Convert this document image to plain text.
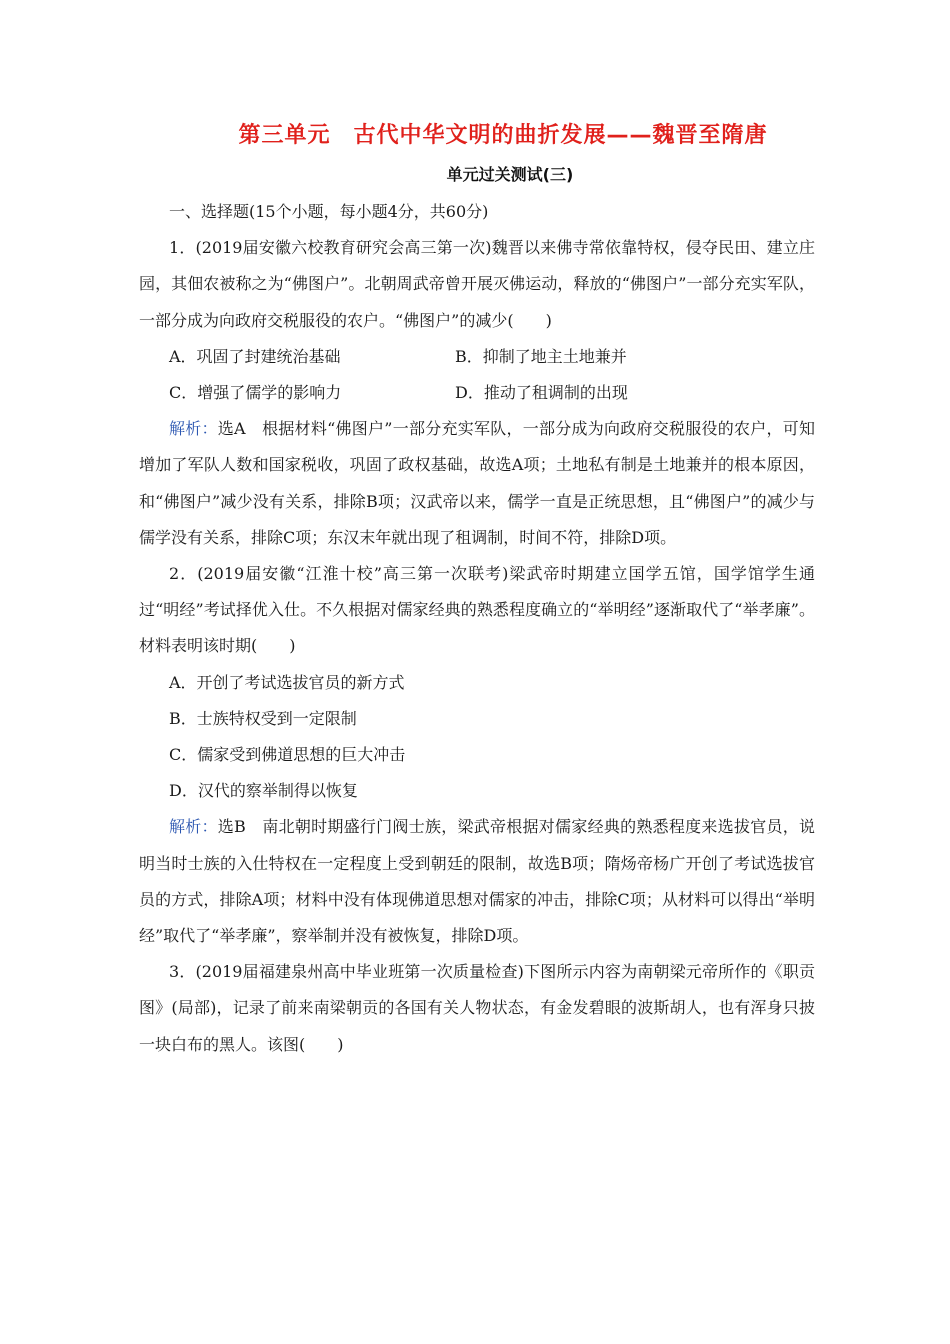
第三单元　古代中华文明的曲折发展——魏晋至隋唐
单元过关测试(三)

一、选择题(15个小题，每小题4分，共60分)

1．(2019届安徽六校教育研究会高三第一次)魏晋以来佛寺常依靠特权，侵夺民田、建立庄园，其佃农被称之为“佛图户”。北朝周武帝曾开展灭佛运动，释放的“佛图户”一部分充实军队，一部分成为向政府交税服役的农户。“佛图户”的减少(　　)

A．巩固了封建统治基础	B．抑制了地主土地兼并
C．增强了儒学的影响力	D．推动了租调制的出现

解析：选A　根据材料“佛图户”一部分充实军队，一部分成为向政府交税服役的农户，可知增加了军队人数和国家税收，巩固了政权基础，故选A项；土地私有制是土地兼并的根本原因，和“佛图户”减少没有关系，排除B项；汉武帝以来，儒学一直是正统思想，且“佛图户”的减少与儒学没有关系，排除C项；东汉末年就出现了租调制，时间不符，排除D项。

2．(2019届安徽“江淮十校”高三第一次联考)梁武帝时期建立国学五馆，国学馆学生通过“明经”考试择优入仕。不久根据对儒家经典的熟悉程度确立的“举明经”逐渐取代了“举孝廉”。材料表明该时期(　　)

A．开创了考试选拔官员的新方式

B．士族特权受到一定限制

C．儒家受到佛道思想的巨大冲击

D．汉代的察举制得以恢复

解析：选B　南北朝时期盛行门阀士族，梁武帝根据对儒家经典的熟悉程度来选拔官员，说明当时士族的入仕特权在一定程度上受到朝廷的限制，故选B项；隋炀帝杨广开创了考试选拔官员的方式，排除A项；材料中没有体现佛道思想对儒家的冲击，排除C项；从材料可以得出“举明经”取代了“举孝廉”，察举制并没有被恢复，排除D项。

3．(2019届福建泉州高中毕业班第一次质量检查)下图所示内容为南朝梁元帝所作的《职贡图》(局部)，记录了前来南梁朝贡的各国有关人物状态，有金发碧眼的波斯胡人，也有浑身只披一块白布的黑人。该图(　　)
